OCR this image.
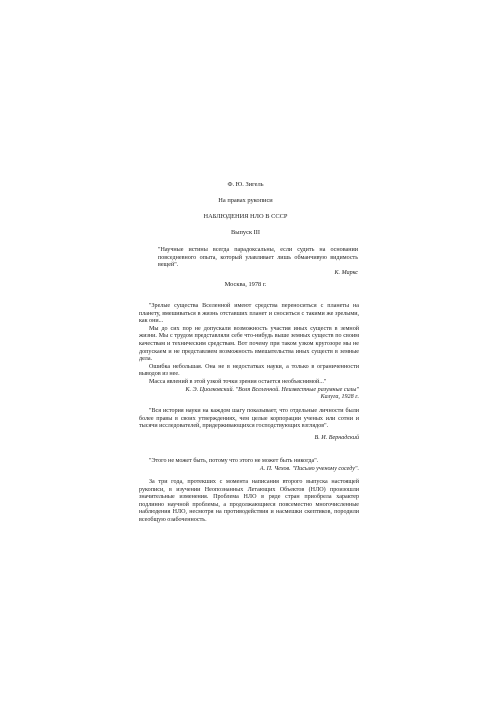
Ф. Ю. Зигель
На правах рукописи
НАБЛЮДЕНИЯ НЛО В СССР
Выпуск III
"Научные истины всегда парадоксальны, если судить на основании повседневного опыта, который улавливает лишь обманчивую видимость вещей".
К. Маркс
Москва, 1978 г.
"Зрелые существа Вселенной имеют средства переноситься с планеты на планету, вмешиваться в жизнь отставших планет и сноситься с такими же зрелыми, как они...
Мы до сих пор не допускали возможность участия иных существ в земной жизни. Мы с трудом представляли себе что-нибудь выше земных существ по своим качествам и техническим средствам. Вот почему при таком узком кругозоре мы не допускаем и не представляем возможность вмешательства иных существ в земные дела.
Ошибка небольшая. Она не в недостатках науки, а только в ограниченности выводов из нее.
Масса явлений в этой узкой точки зрения остается необъяснимой..."
К. Э. Циолковский. "Воля Вселенной. Неизвестные разумные силы"
Калуга, 1928 г.
"Вся история науки на каждом шагу показывает, что отдельные личности были более правы в своих утверждениях, чем целые корпорации ученых или сотни и тысячи исследователей, придерживающихся господствующих взглядов".
В. И. Вернадский
"Этого не может быть, потому что этого не может быть никогда".
А. П. Чехов. "Письмо ученому соседу".
За три года, протекших с момента написания второго выпуска настоящей рукописи, в изучении Неопознанных Летающих Объектов (НЛО) произошли значительные изменения. Проблема НЛО в ряде стран приобрела характер подлинно научной проблемы, а продолжающиеся повсеместно многочисленные наблюдения НЛО, несмотря на противодействия и насмешки скептиков, породили всеобщую озабоченность.
